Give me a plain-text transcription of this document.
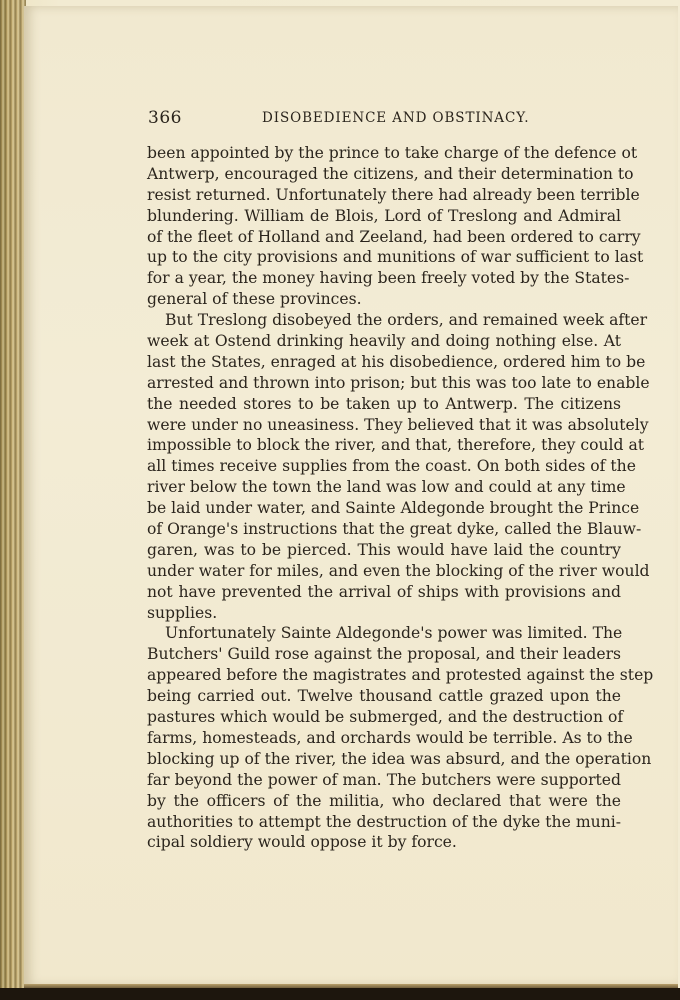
366	DISOBEDIENCE AND OBSTINACY.
been appointed by the prince to take charge of the defence ot
Antwerp, encouraged the citizens, and their determination to
resist returned. Unfortunately there had already been terrible
blundering. William de Blois, Lord of Treslong and Admiral
of the fleet of Holland and Zeeland, had been ordered to carry
up to the city provisions and munitions of war sufficient to last
for a year, the money having been freely voted by the States-
general of these provinces.
But Treslong disobeyed the orders, and remained week after
week at Ostend drinking heavily and doing nothing else. At
last the States, enraged at his disobedience, ordered him to be
arrested and thrown into prison; but this was too late to enable
the needed stores to be taken up to Antwerp. The citizens
were under no uneasiness. They believed that it was absolutely
impossible to block the river, and that, therefore, they could at
all times receive supplies from the coast. On both sides of the
river below the town the land was low and could at any time
be laid under water, and Sainte Aldegonde brought the Prince
of Orange's instructions that the great dyke, called the Blauw-
garen, was to be pierced. This would have laid the country
under water for miles, and even the blocking of the river would
not have prevented the arrival of ships with provisions and
supplies.
Unfortunately Sainte Aldegonde's power was limited. The
Butchers' Guild rose against the proposal, and their leaders
appeared before the magistrates and protested against the step
being carried out. Twelve thousand cattle grazed upon the
pastures which would be submerged, and the destruction of
farms, homesteads, and orchards would be terrible. As to the
blocking up of the river, the idea was absurd, and the operation
far beyond the power of man. The butchers were supported
by the officers of the militia, who declared that were the
authorities to attempt the destruction of the dyke the muni-
cipal soldiery would oppose it by force.
